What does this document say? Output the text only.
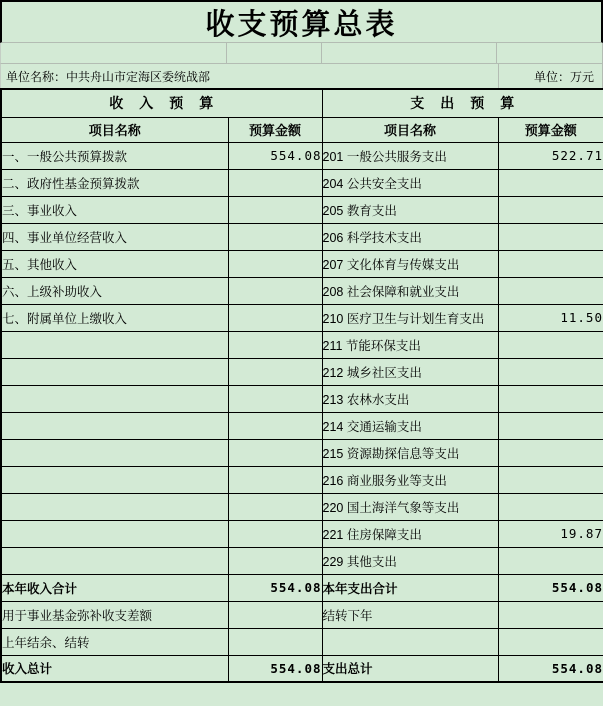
收支预算总表
单位名称：中共舟山市定海区委统战部	单位：万元
收　入　预　算		支　出　预　算	
项目名称	预算金额	项目名称	预算金额
一、一般公共预算拨款	554.08	201 一般公共服务支出	522.71
二、政府性基金预算拨款		204 公共安全支出	
三、事业收入		205 教育支出	
四、事业单位经营收入		206 科学技术支出	
五、其他收入		207 文化体育与传媒支出	
六、上级补助收入		208 社会保障和就业支出	
七、附属单位上缴收入		210 医疗卫生与计划生育支出	11.50
		211 节能环保支出	
		212 城乡社区支出	
		213 农林水支出	
		214 交通运输支出	
		215 资源勘探信息等支出	
		216 商业服务业等支出	
		220 国土海洋气象等支出	
		221 住房保障支出	19.87
		229 其他支出	
本年收入合计	554.08	本年支出合计	554.08
用于事业基金弥补收支差额		结转下年	
上年结余、结转			
收入总计	554.08	支出总计	554.08
